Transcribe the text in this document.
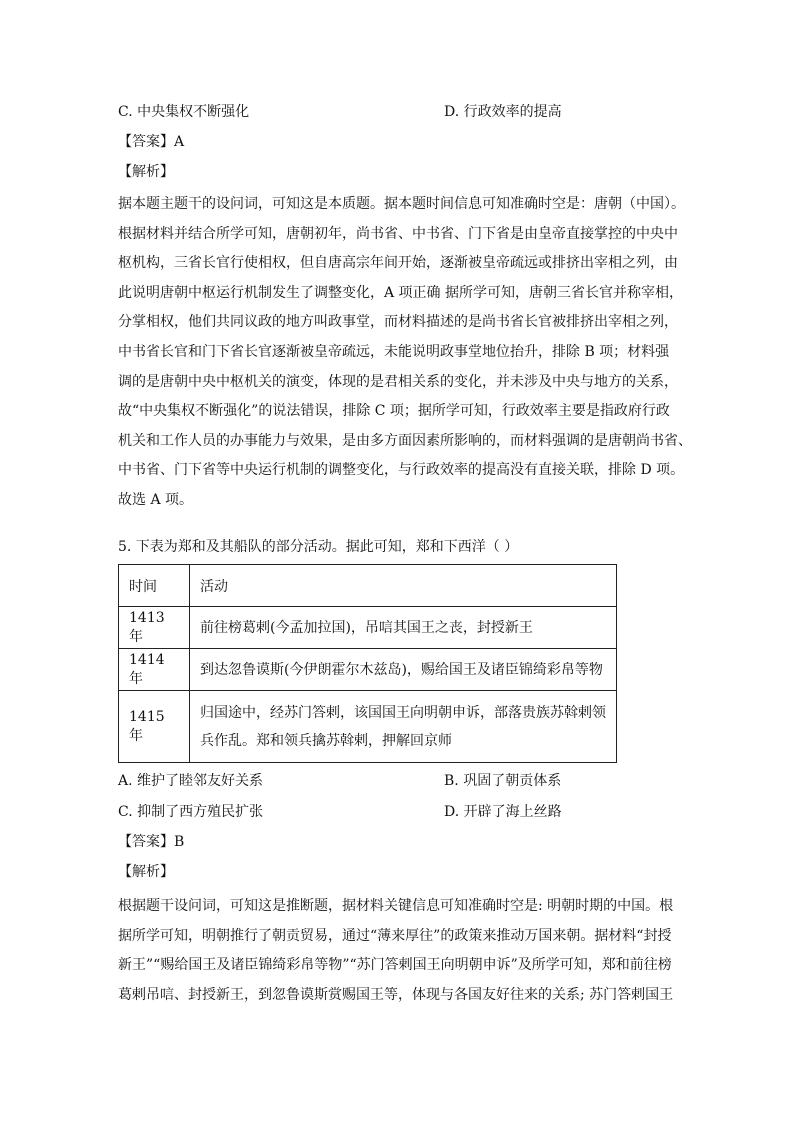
C. 中央集权不断强化	D. 行政效率的提高
【答案】A
【解析】
据本题主题干的设问词，可知这是本质题。据本题时间信息可知准确时空是：唐朝（中国）。
根据材料并结合所学可知，唐朝初年，尚书省、中书省、门下省是由皇帝直接掌控的中央中
枢机构，三省长官行使相权，但自唐高宗年间开始，逐渐被皇帝疏远或排挤出宰相之列，由
此说明唐朝中枢运行机制发生了调整变化，A 项正确 据所学可知，唐朝三省长官并称宰相，
分掌相权，他们共同议政的地方叫政事堂，而材料描述的是尚书省长官被排挤出宰相之列，
中书省长官和门下省长官逐渐被皇帝疏远，未能说明政事堂地位抬升，排除 B 项；材料强
调的是唐朝中央中枢机关的演变，体现的是君相关系的变化，并未涉及中央与地方的关系，
故“中央集权不断强化”的说法错误，排除 C 项；据所学可知，行政效率主要是指政府行政
机关和工作人员的办事能力与效果，是由多方面因素所影响的，而材料强调的是唐朝尚书省、
中书省、门下省等中央运行机制的调整变化，与行政效率的提高没有直接关联，排除 D 项。
故选 A 项。
5. 下表为郑和及其船队的部分活动。据此可知，郑和下西洋（ ）
时间	活动
1413 年	前往榜葛剌(今孟加拉国)，吊唁其国王之丧，封授新王

1414 年	到达忽鲁谟斯(今伊朗霍尔木兹岛)，赐给国王及诸臣锦绮彩帛等物

1415 年	归国途中，经苏门答剌，该国国王向明朝申诉，部落贵族苏斡剌领
兵作乱。郑和领兵擒苏斡剌，押解回京师
A. 维护了睦邻友好关系	B. 巩固了朝贡体系
C. 抑制了西方殖民扩张	D. 开辟了海上丝路
【答案】B
【解析】
根据题干设问词，可知这是推断题，据材料关键信息可知准确时空是: 明朝时期的中国。根
据所学可知，明朝推行了朝贡贸易，通过“薄来厚往”的政策来推动万国来朝。据材料“封授
新王”“赐给国王及诸臣锦绮彩帛等物”“苏门答剌国王向明朝申诉”及所学可知，郑和前往榜
葛剌吊唁、封授新王，到忽鲁谟斯赏赐国王等，体现与各国友好往来的关系; 苏门答剌国王
